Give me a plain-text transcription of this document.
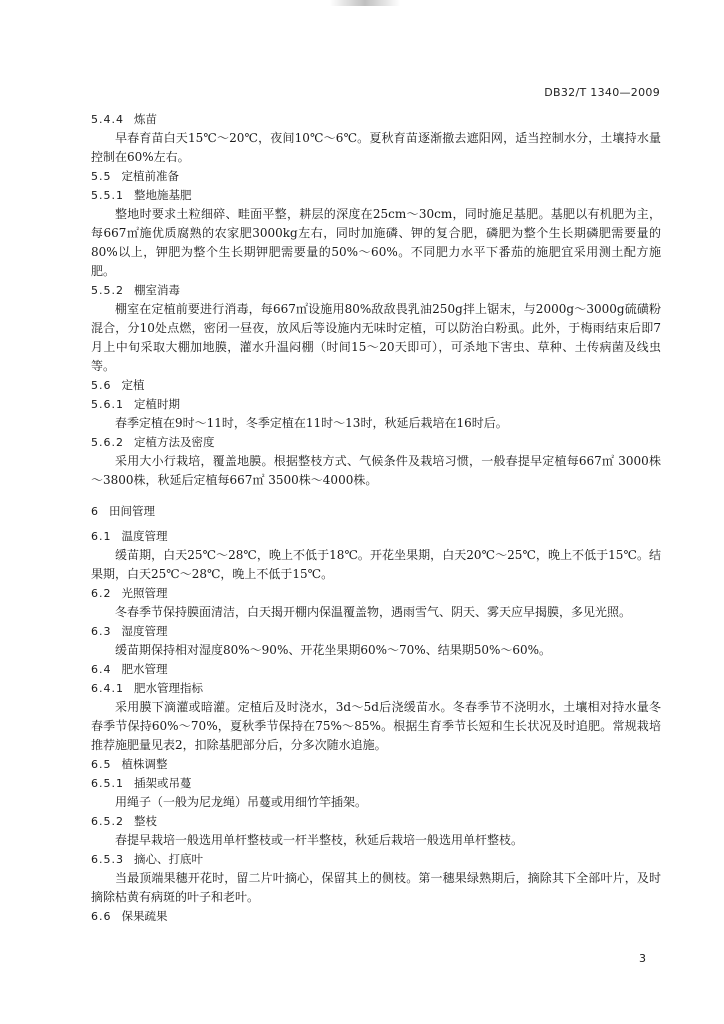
DB32/T 1340—2009
5.4.4 炼苗

早春育苗白天15℃～20℃，夜间10℃～6℃。夏秋育苗逐渐撤去遮阳网，适当控制水分，土壤持水量控制在60%左右。

5.5 定植前准备
5.5.1 整地施基肥

整地时要求土粒细碎、畦面平整，耕层的深度在25cm～30cm，同时施足基肥。基肥以有机肥为主，每667㎡施优质腐熟的农家肥3000kg左右，同时加施磷、钾的复合肥，磷肥为整个生长期磷肥需要量的80%以上，钾肥为整个生长期钾肥需要量的50%～60%。不同肥力水平下番茄的施肥宜采用测土配方施肥。

5.5.2 棚室消毒

棚室在定植前要进行消毒，每667㎡设施用80%敌敌畏乳油250g拌上锯末，与2000g～3000g硫磺粉混合，分10处点燃，密闭一昼夜，放风后等设施内无味时定植，可以防治白粉虱。此外，于梅雨结束后即7月上中旬采取大棚加地膜，灌水升温闷棚（时间15～20天即可），可杀地下害虫、草种、土传病菌及线虫等。

5.6 定植
5.6.1 定植时期

春季定植在9时～11时，冬季定植在11时～13时，秋延后栽培在16时后。

5.6.2 定植方法及密度

采用大小行栽培，覆盖地膜。根据整枝方式、气候条件及栽培习惯，一般春提早定植每667㎡ 3000株～3800株，秋延后定植每667㎡ 3500株～4000株。

6 田间管理
6.1 温度管理

缓苗期，白天25℃～28℃，晚上不低于18℃。开花坐果期，白天20℃～25℃，晚上不低于15℃。结果期，白天25℃～28℃，晚上不低于15℃。

6.2 光照管理

冬春季节保持膜面清洁，白天揭开棚内保温覆盖物，遇雨雪气、阴天、雾天应早揭膜，多见光照。

6.3 湿度管理

缓苗期保持相对湿度80%～90%、开花坐果期60%～70%、结果期50%～60%。

6.4 肥水管理
6.4.1 肥水管理指标

采用膜下滴灌或暗灌。定植后及时浇水，3d～5d后浇缓苗水。冬春季节不浇明水，土壤相对持水量冬春季节保持60%～70%，夏秋季节保持在75%～85%。根据生育季节长短和生长状况及时追肥。常规栽培推荐施肥量见表2，扣除基肥部分后，分多次随水追施。

6.5 植株调整
6.5.1 插架或吊蔓

用绳子（一般为尼龙绳）吊蔓或用细竹竿插架。

6.5.2 整枝

春提早栽培一般选用单杆整枝或一杆半整枝，秋延后栽培一般选用单杆整枝。

6.5.3 摘心、打底叶

当最顶端果穗开花时，留二片叶摘心，保留其上的侧枝。第一穗果绿熟期后，摘除其下全部叶片，及时摘除枯黄有病斑的叶子和老叶。

6.6 保果疏果
3
